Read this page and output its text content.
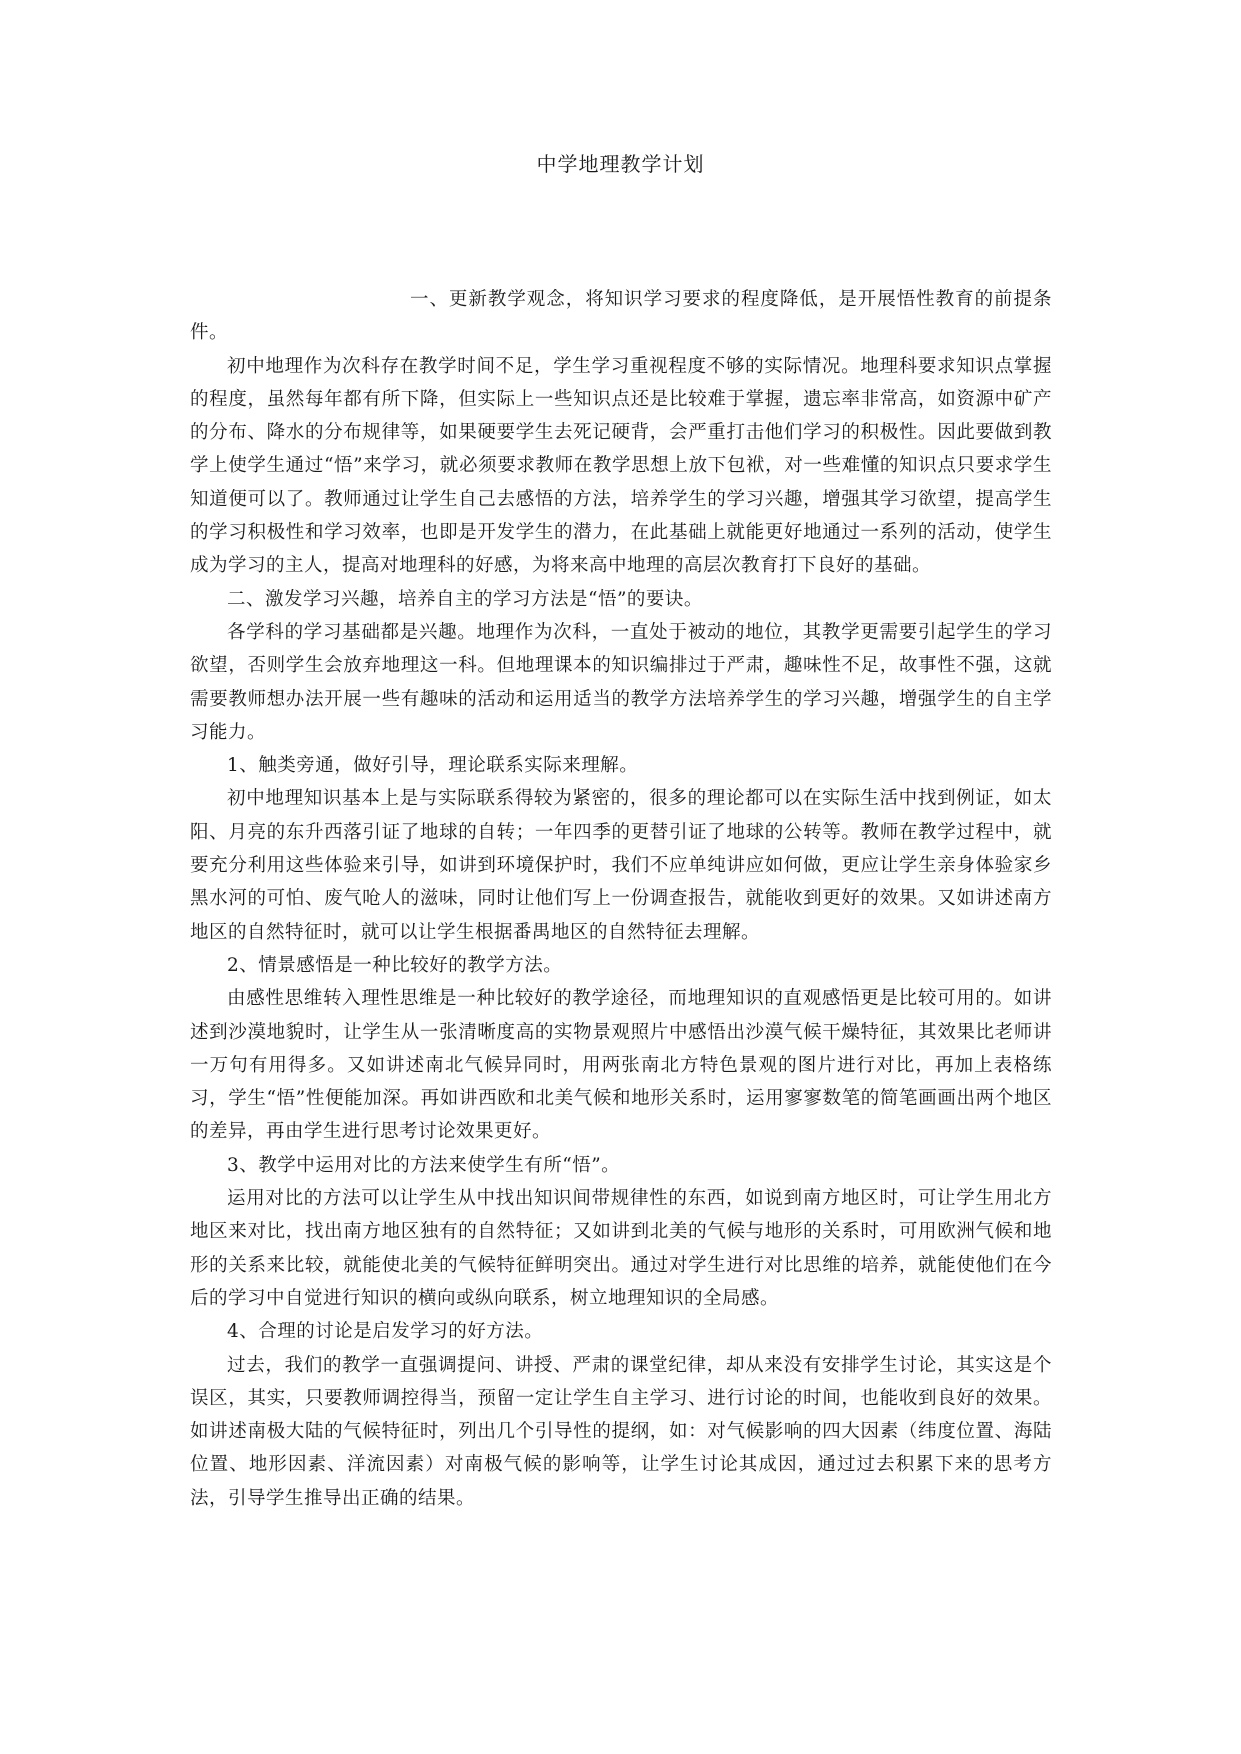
中学地理教学计划

一、更新教学观念，将知识学习要求的程度降低，是开展悟性教育的前提条件。

初中地理作为次科存在教学时间不足，学生学习重视程度不够的实际情况。地理科要求知识点掌握的程度，虽然每年都有所下降，但实际上一些知识点还是比较难于掌握，遗忘率非常高，如资源中矿产的分布、降水的分布规律等，如果硬要学生去死记硬背，会严重打击他们学习的积极性。因此要做到教学上使学生通过“悟”来学习，就必须要求教师在教学思想上放下包袱，对一些难懂的知识点只要求学生知道便可以了。教师通过让学生自己去感悟的方法，培养学生的学习兴趣，增强其学习欲望，提高学生的学习积极性和学习效率，也即是开发学生的潜力，在此基础上就能更好地通过一系列的活动，使学生成为学习的主人，提高对地理科的好感，为将来高中地理的高层次教育打下良好的基础。

二、激发学习兴趣，培养自主的学习方法是“悟”的要诀。

各学科的学习基础都是兴趣。地理作为次科，一直处于被动的地位，其教学更需要引起学生的学习欲望，否则学生会放弃地理这一科。但地理课本的知识编排过于严肃，趣味性不足，故事性不强，这就需要教师想办法开展一些有趣味的活动和运用适当的教学方法培养学生的学习兴趣，增强学生的自主学习能力。

1、触类旁通，做好引导，理论联系实际来理解。

初中地理知识基本上是与实际联系得较为紧密的，很多的理论都可以在实际生活中找到例证，如太阳、月亮的东升西落引证了地球的自转；一年四季的更替引证了地球的公转等。教师在教学过程中，就要充分利用这些体验来引导，如讲到环境保护时，我们不应单纯讲应如何做，更应让学生亲身体验家乡黑水河的可怕、废气呛人的滋味，同时让他们写上一份调查报告，就能收到更好的效果。又如讲述南方地区的自然特征时，就可以让学生根据番禺地区的自然特征去理解。

2、情景感悟是一种比较好的教学方法。

由感性思维转入理性思维是一种比较好的教学途径，而地理知识的直观感悟更是比较可用的。如讲述到沙漠地貌时，让学生从一张清晰度高的实物景观照片中感悟出沙漠气候干燥特征，其效果比老师讲一万句有用得多。又如讲述南北气候异同时，用两张南北方特色景观的图片进行对比，再加上表格练习，学生“悟”性便能加深。再如讲西欧和北美气候和地形关系时，运用寥寥数笔的简笔画画出两个地区的差异，再由学生进行思考讨论效果更好。

3、教学中运用对比的方法来使学生有所“悟”。

运用对比的方法可以让学生从中找出知识间带规律性的东西，如说到南方地区时，可让学生用北方地区来对比，找出南方地区独有的自然特征；又如讲到北美的气候与地形的关系时，可用欧洲气候和地形的关系来比较，就能使北美的气候特征鲜明突出。通过对学生进行对比思维的培养，就能使他们在今后的学习中自觉进行知识的横向或纵向联系，树立地理知识的全局感。

4、合理的讨论是启发学习的好方法。

过去，我们的教学一直强调提问、讲授、严肃的课堂纪律，却从来没有安排学生讨论，其实这是个误区，其实，只要教师调控得当，预留一定让学生自主学习、进行讨论的时间，也能收到良好的效果。如讲述南极大陆的气候特征时，列出几个引导性的提纲，如：对气候影响的四大因素（纬度位置、海陆位置、地形因素、洋流因素）对南极气候的影响等，让学生讨论其成因，通过过去积累下来的思考方法，引导学生推导出正确的结果。
